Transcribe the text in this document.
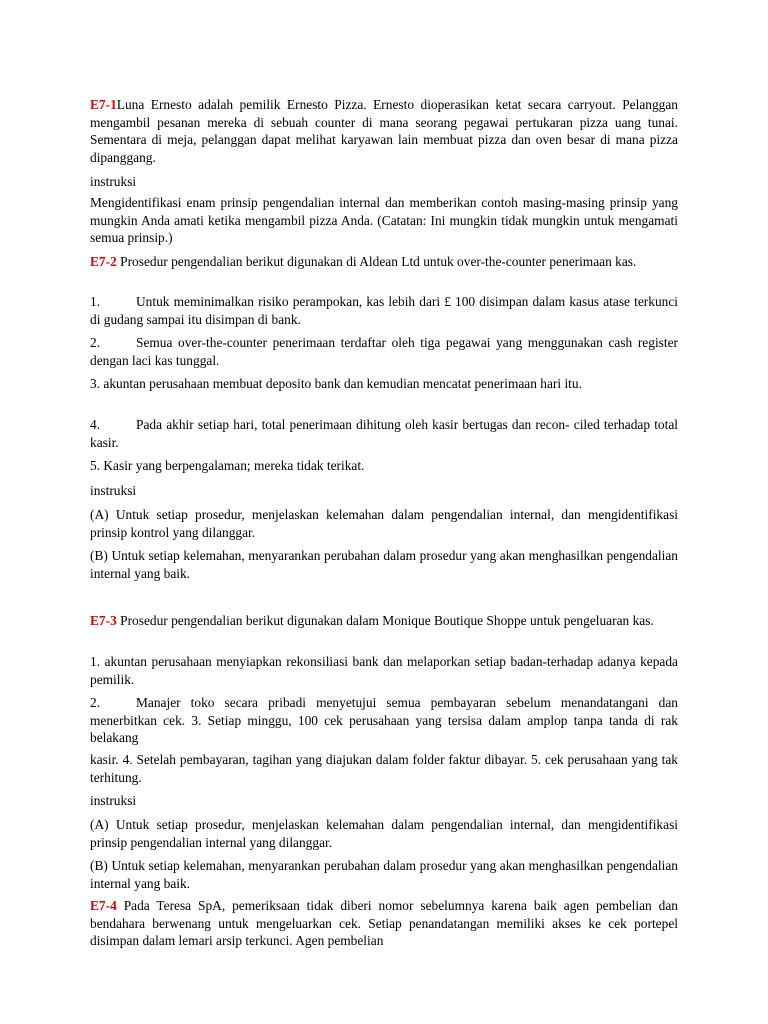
E7-1Luna Ernesto adalah pemilik Ernesto Pizza. Ernesto dioperasikan ketat secara carryout. Pelanggan mengambil pesanan mereka di sebuah counter di mana seorang pegawai pertukaran pizza uang tunai. Sementara di meja, pelanggan dapat melihat karyawan lain membuat pizza dan oven besar di mana pizza dipanggang.

instruksi

Mengidentifikasi enam prinsip pengendalian internal dan memberikan contoh masing-masing prinsip yang mungkin Anda amati ketika mengambil pizza Anda. (Catatan: Ini mungkin tidak mungkin untuk mengamati semua prinsip.)

E7-2 Prosedur pengendalian berikut digunakan di Aldean Ltd untuk over-the-counter penerimaan kas.

1.	Untuk meminimalkan risiko perampokan, kas lebih dari £ 100 disimpan dalam kasus atase terkunci di gudang sampai itu disimpan di bank.

2.	Semua over-the-counter penerimaan terdaftar oleh tiga pegawai yang menggunakan cash register dengan laci kas tunggal.

3. akuntan perusahaan membuat deposito bank dan kemudian mencatat penerimaan hari itu.

4.	Pada akhir setiap hari, total penerimaan dihitung oleh kasir bertugas dan recon- ciled terhadap total kasir.

5. Kasir yang berpengalaman; mereka tidak terikat.

instruksi

(A) Untuk setiap prosedur, menjelaskan kelemahan dalam pengendalian internal, dan mengidentifikasi prinsip kontrol yang dilanggar.

(B) Untuk setiap kelemahan, menyarankan perubahan dalam prosedur yang akan menghasilkan pengendalian internal yang baik.

E7-3 Prosedur pengendalian berikut digunakan dalam Monique Boutique Shoppe untuk pengeluaran kas.

1. akuntan perusahaan menyiapkan rekonsiliasi bank dan melaporkan setiap badan-terhadap adanya kepada pemilik.

2.	Manajer toko secara pribadi menyetujui semua pembayaran sebelum menandatangani dan menerbitkan cek. 3. Setiap minggu, 100 cek perusahaan yang tersisa dalam amplop tanpa tanda di rak belakang

kasir. 4. Setelah pembayaran, tagihan yang diajukan dalam folder faktur dibayar. 5. cek perusahaan yang tak terhitung.

instruksi

(A) Untuk setiap prosedur, menjelaskan kelemahan dalam pengendalian internal, dan mengidentifikasi prinsip pengendalian internal yang dilanggar.

(B) Untuk setiap kelemahan, menyarankan perubahan dalam prosedur yang akan menghasilkan pengendalian internal yang baik.

E7-4 Pada Teresa SpA, pemeriksaan tidak diberi nomor sebelumnya karena baik agen pembelian dan bendahara berwenang untuk mengeluarkan cek. Setiap penandatangan memiliki akses ke cek portepel disimpan dalam lemari arsip terkunci. Agen pembelian
